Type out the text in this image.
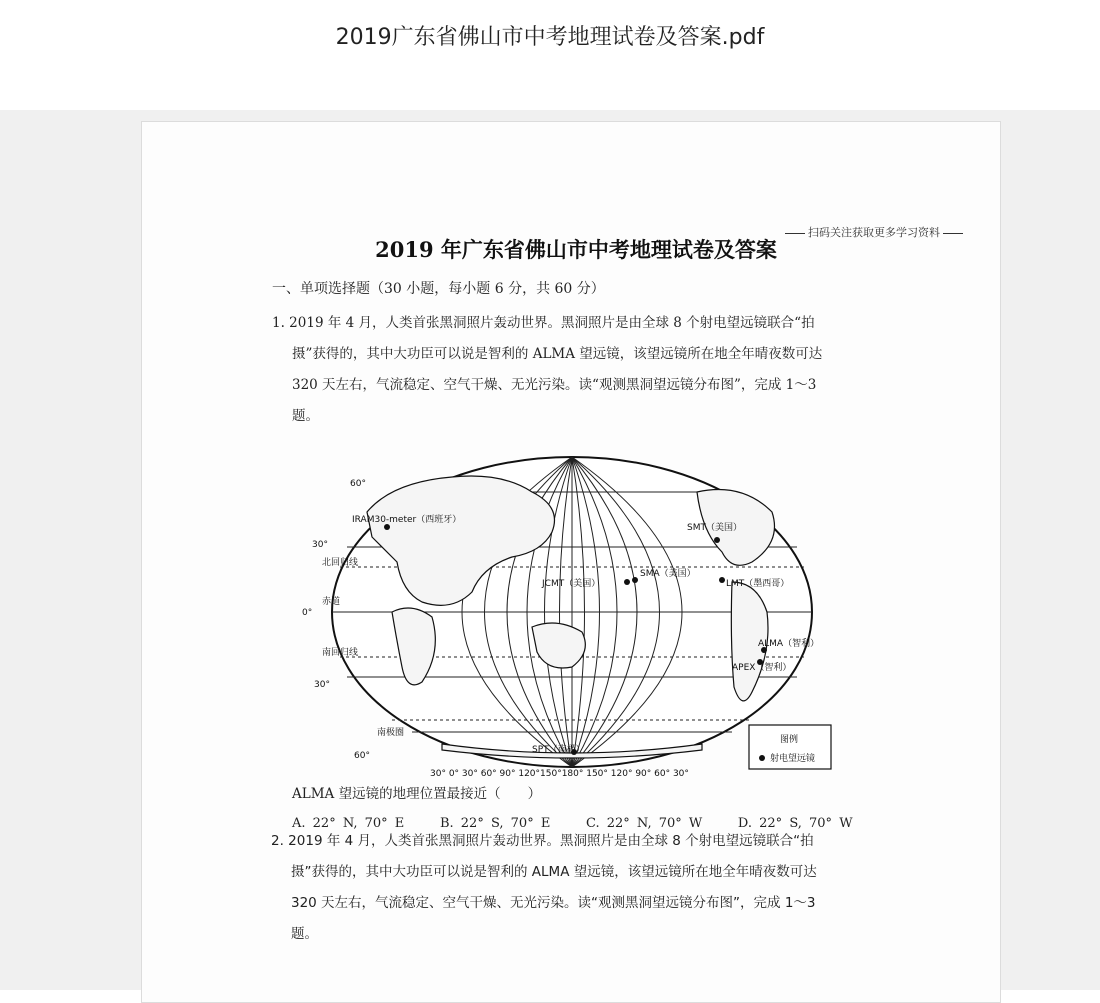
2019广东省佛山市中考地理试卷及答案.pdf
扫码关注获取更多学习资料
2019 年广东省佛山市中考地理试卷及答案
一、单项选择题（30 小题，每小题 6 分，共 60 分）
1. 2019 年 4 月，人类首张黑洞照片轰动世界。黑洞照片是由全球 8 个射电望远镜联合“拍
摄”获得的，其中大功臣可以说是智利的 ALMA 望远镜，该望远镜所在地全年晴夜数可达
320 天左右，气流稳定、空气干燥、无光污染。读“观测黑洞望远镜分布图”，完成 1～3
题。
60°
30°
0°
30°
60°
北回归线
赤道
南回归线
南极圈
IRAM30-meter（西班牙）
SMT（美国）
JCMT（美国）
SMA（美国）
LMT（墨西哥）
ALMA（智利）
APEX（智利）
SPT（南极）
30° 0° 30° 60° 90° 120°150°180° 150° 120° 90° 60° 30°
图例
射电望远镜
ALMA 望远镜的地理位置最接近（　　）
A. 22° N, 70° E     B. 22° S, 70° E     C. 22° N, 70° W     D. 22° S, 70° W
2. 2019 年 4 月，人类首张黑洞照片轰动世界。黑洞照片是由全球 8 个射电望远镜联合“拍
摄”获得的，其中大功臣可以说是智利的 ALMA 望远镜，该望远镜所在地全年晴夜数可达
320 天左右，气流稳定、空气干燥、无光污染。读“观测黑洞望远镜分布图”，完成 1～3
题。
